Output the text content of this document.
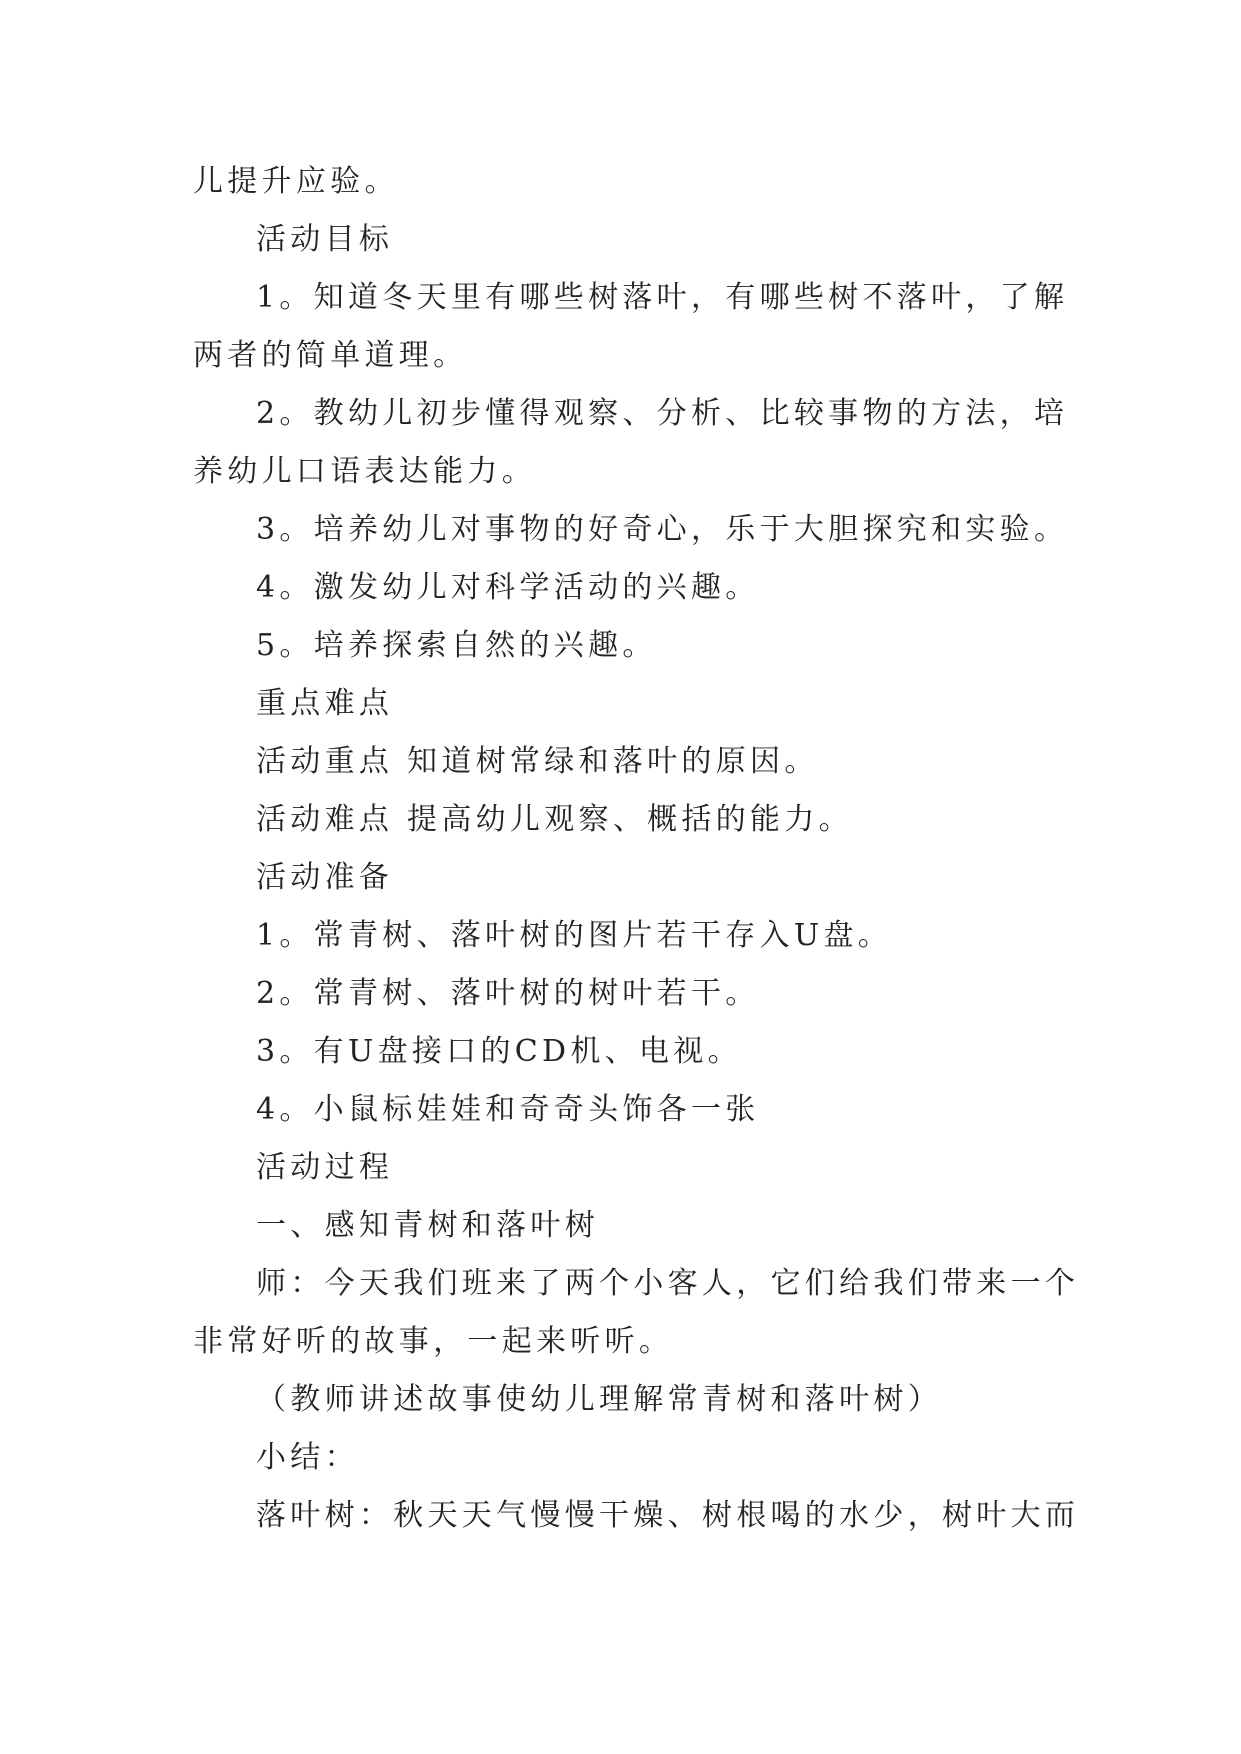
儿提升应验。
活动目标
1。知道冬天里有哪些树落叶，有哪些树不落叶，了解
两者的简单道理。
2。教幼儿初步懂得观察、分析、比较事物的方法，培
养幼儿口语表达能力。
3。培养幼儿对事物的好奇心，乐于大胆探究和实验。
4。激发幼儿对科学活动的兴趣。
5。培养探索自然的兴趣。
重点难点
活动重点 知道树常绿和落叶的原因。
活动难点 提高幼儿观察、概括的能力。
活动准备
1。常青树、落叶树的图片若干存入U盘。
2。常青树、落叶树的树叶若干。
3。有U盘接口的CD机、电视。
4。小鼠标娃娃和奇奇头饰各一张
活动过程
一、感知青树和落叶树
师：今天我们班来了两个小客人，它们给我们带来一个
非常好听的故事，一起来听听。
（教师讲述故事使幼儿理解常青树和落叶树）
小结：
落叶树：秋天天气慢慢干燥、树根喝的水少，树叶大而
